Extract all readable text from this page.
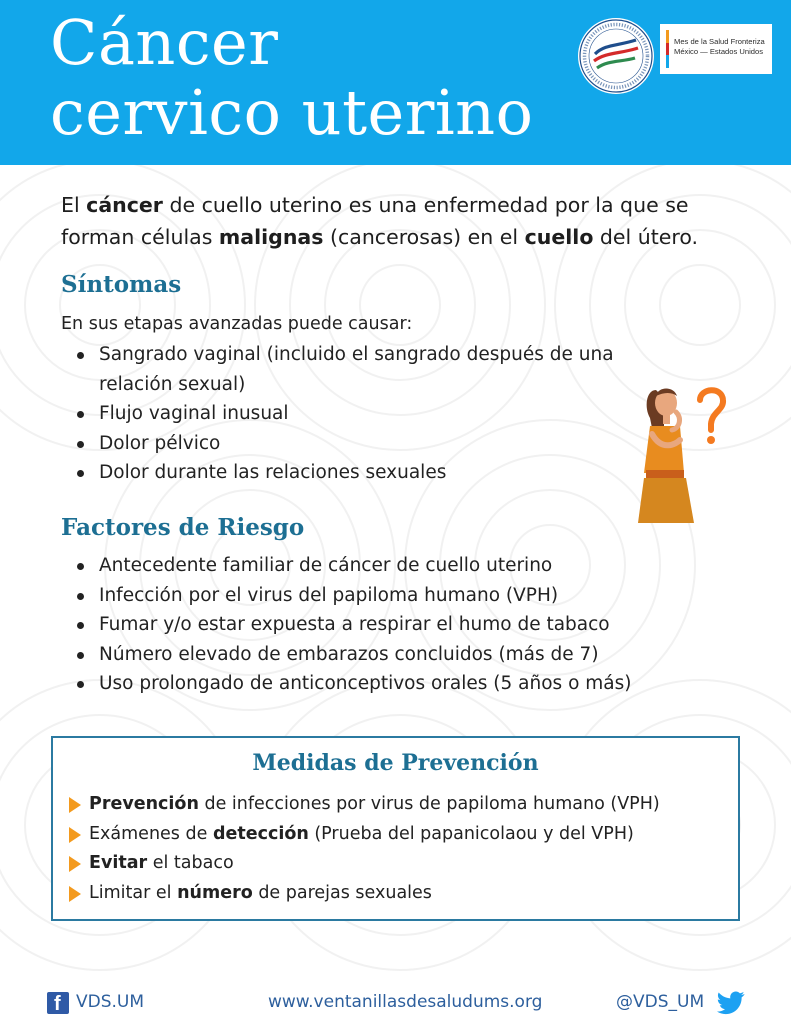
Cáncer
cervico uterino
Mes de la Salud Fronteriza
México — Estados Unidos

El cáncer de cuello uterino es una enfermedad por la que se forman células malignas (cancerosas) en el cuello del útero.

Síntomas
En sus etapas avanzadas puede causar:
Sangrado vaginal (incluido el sangrado después de una relación sexual)
Flujo vaginal inusual
Dolor pélvico
Dolor durante las relaciones sexuales
Factores de Riesgo
Antecedente familiar de cáncer de cuello uterino
Infección por el virus del papiloma humano (VPH)
Fumar y/o estar expuesta a respirar el humo de tabaco
Número elevado de embarazos concluidos (más de 7)
Uso prolongado de anticonceptivos orales (5 años o más)
Medidas de Prevención
Prevención de infecciones por virus de papiloma humano (VPH)
Exámenes de detección (Prueba del papanicolaou y del VPH)
Evitar el tabaco
Limitar el número de parejas sexuales
f
VDS.UM	www.ventanillasdesaludums.org	@VDS_UM
